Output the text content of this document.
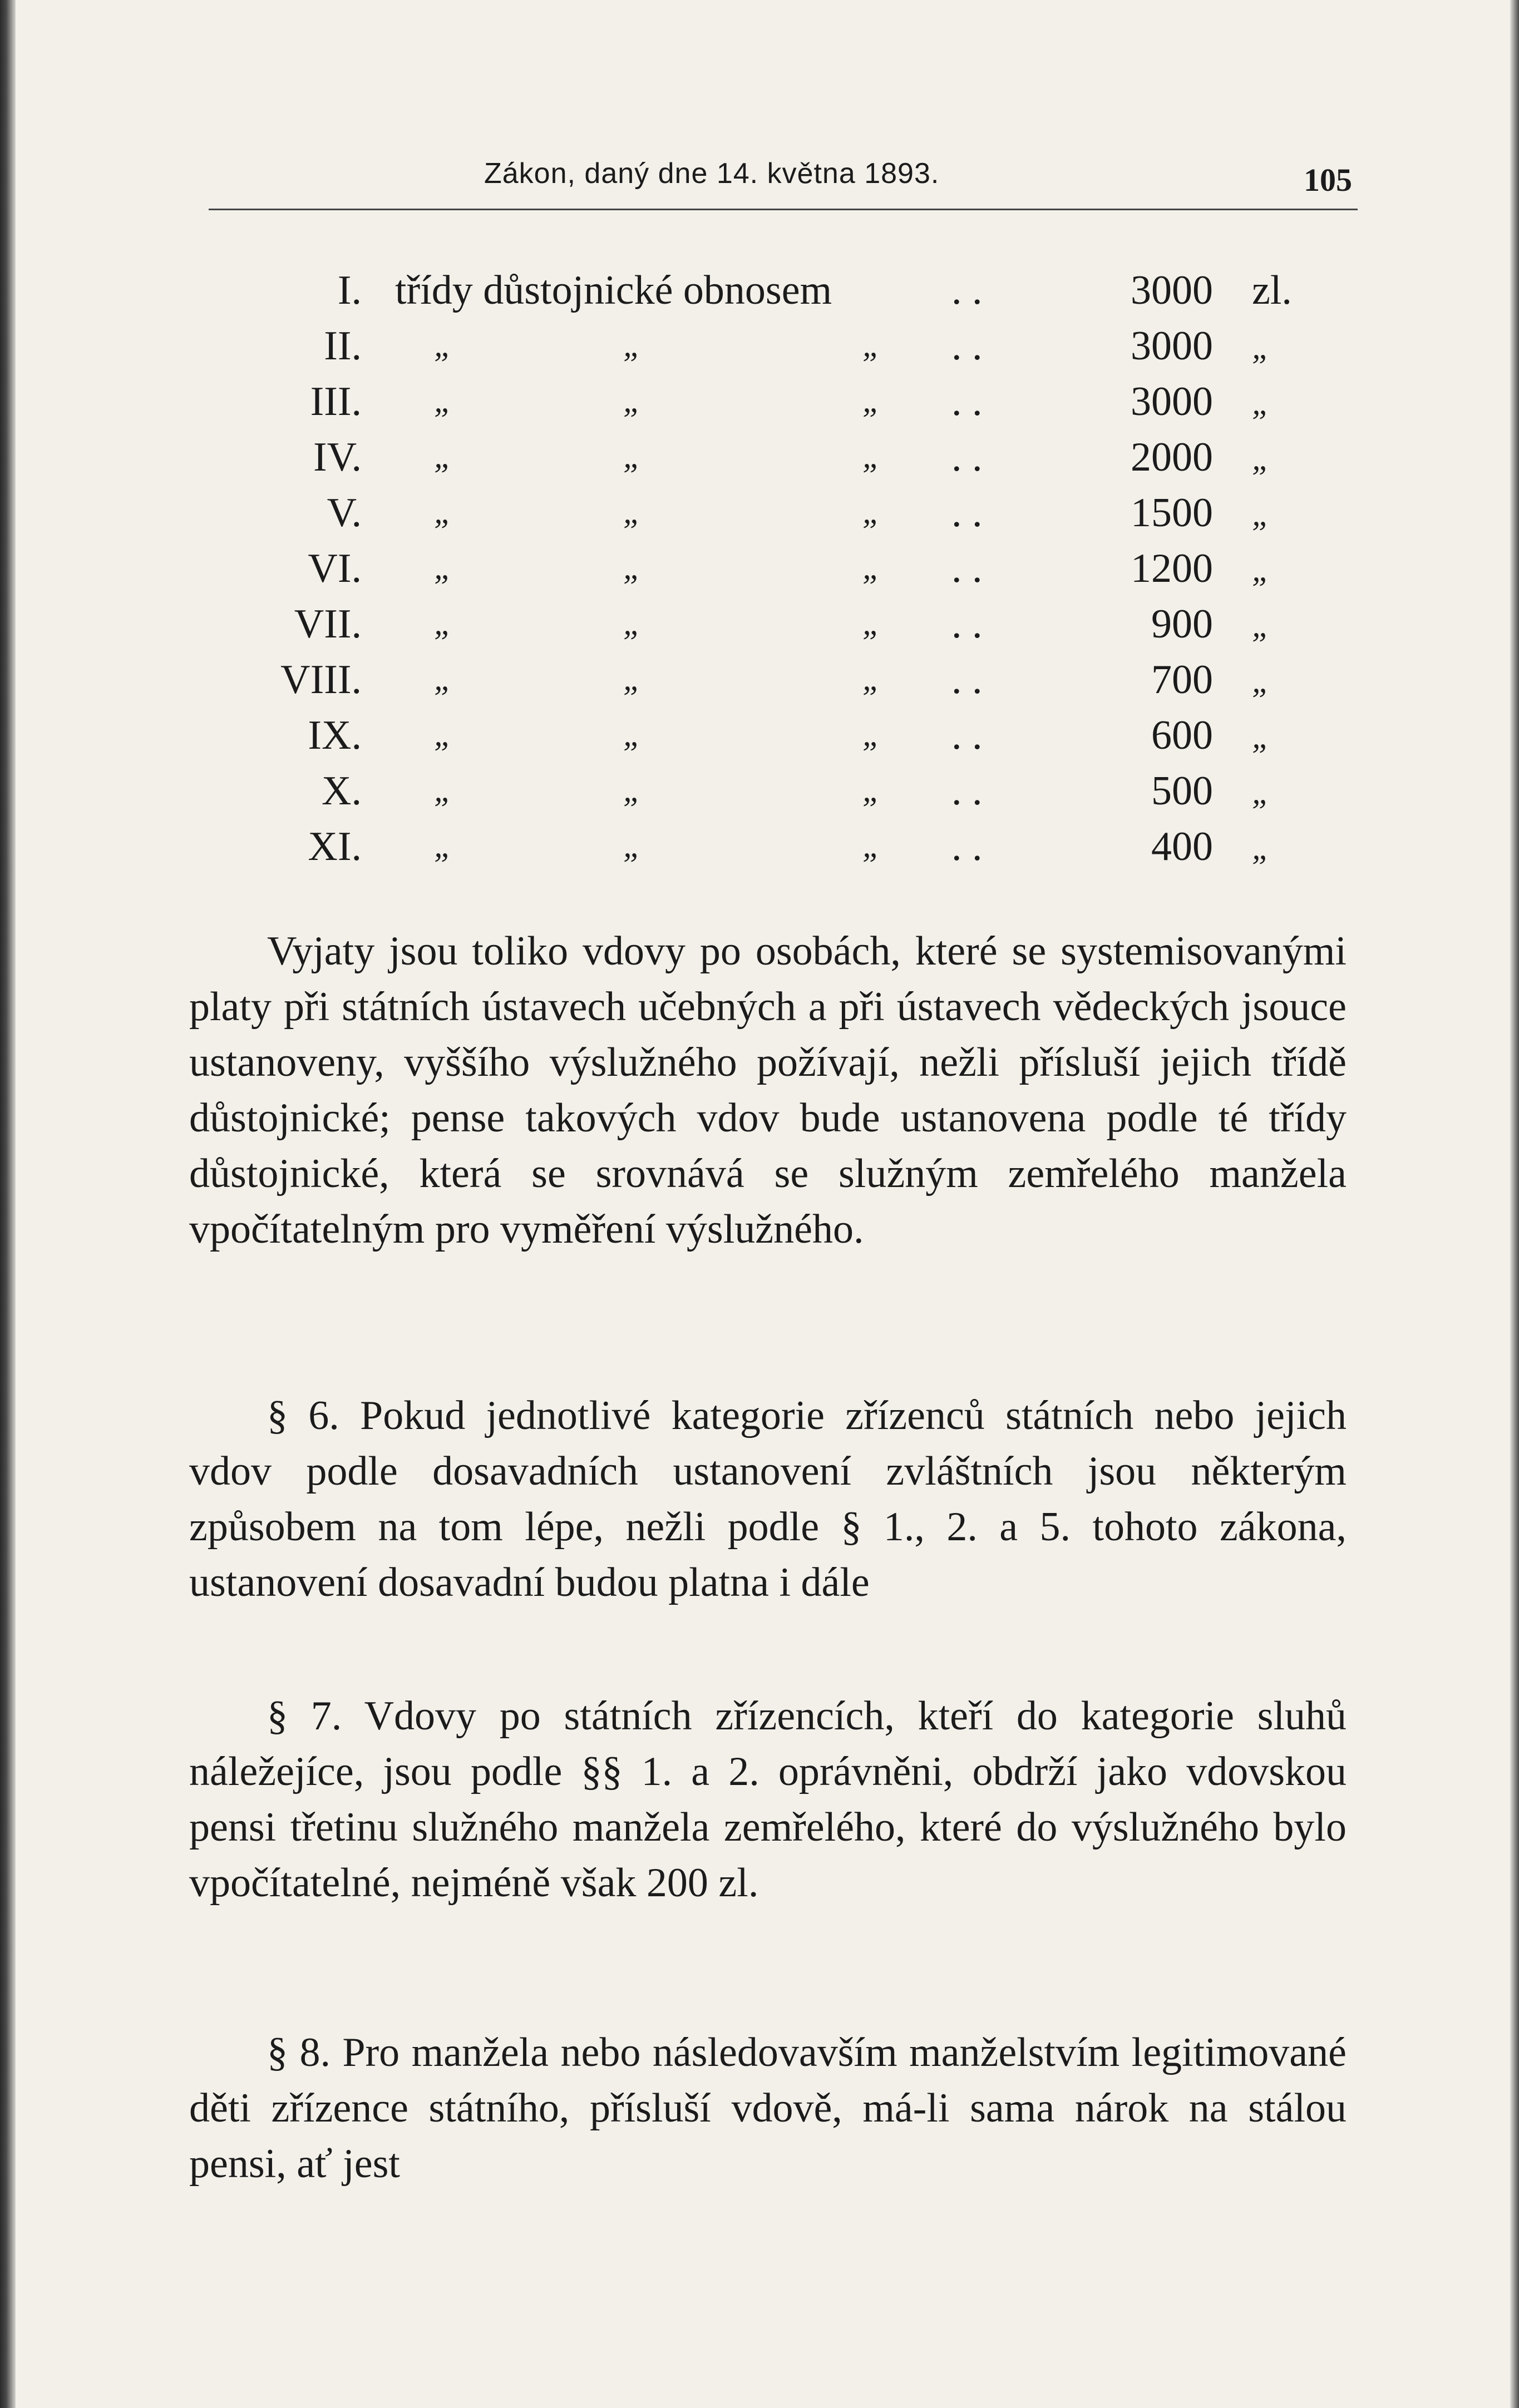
Zákon, daný dne 14. května 1893.	105
I. třídy důstojnické obnosem	. .	3000 zl.
II. „	„	„ . .	3000 „
III. „	„	„ . .	3000 „
IV. „	„	„ . .	2000 „
V. „	„	„ . .	1500 „
VI. „	„	„ . .	1200 „
VII. „	„	„ . .	900 „
VIII. „	„	„ . .	700 „
IX. „	„	„ . .	600 „
X. „	„	„ . .	500 „
XI. „	„	„ . .	400 „

Vyjaty jsou toliko vdovy po osobách, které se systemisovanými platy při státních ústavech učebných a při ústavech vědeckých jsouce ustanoveny, vyššího výslužného požívají, nežli přísluší jejich třídě důstojnické; pense takových vdov bude ustanovena podle té třídy důstojnické, která se srovnává se služným zemřelého manžela vpočítatelným pro vyměření výslužného.

§ 6. Pokud jednotlivé kategorie zřízenců státních nebo jejich vdov podle dosavadních ustanovení zvláštních jsou některým způsobem na tom lépe, nežli podle § 1., 2. a 5. tohoto zákona, ustanovení dosavadní budou platna i dále

§ 7. Vdovy po státních zřízencích, kteří do kategorie sluhů náležejíce, jsou podle §§ 1. a 2. oprávněni, obdrží jako vdovskou pensi třetinu služného manžela zemřelého, které do výslužného bylo vpočítatelné, nejméně však 200 zl.

§ 8. Pro manžela nebo následovavším manželstvím legitimované děti zřízence státního, přísluší vdově, má-li sama nárok na stálou pensi, ať jest
